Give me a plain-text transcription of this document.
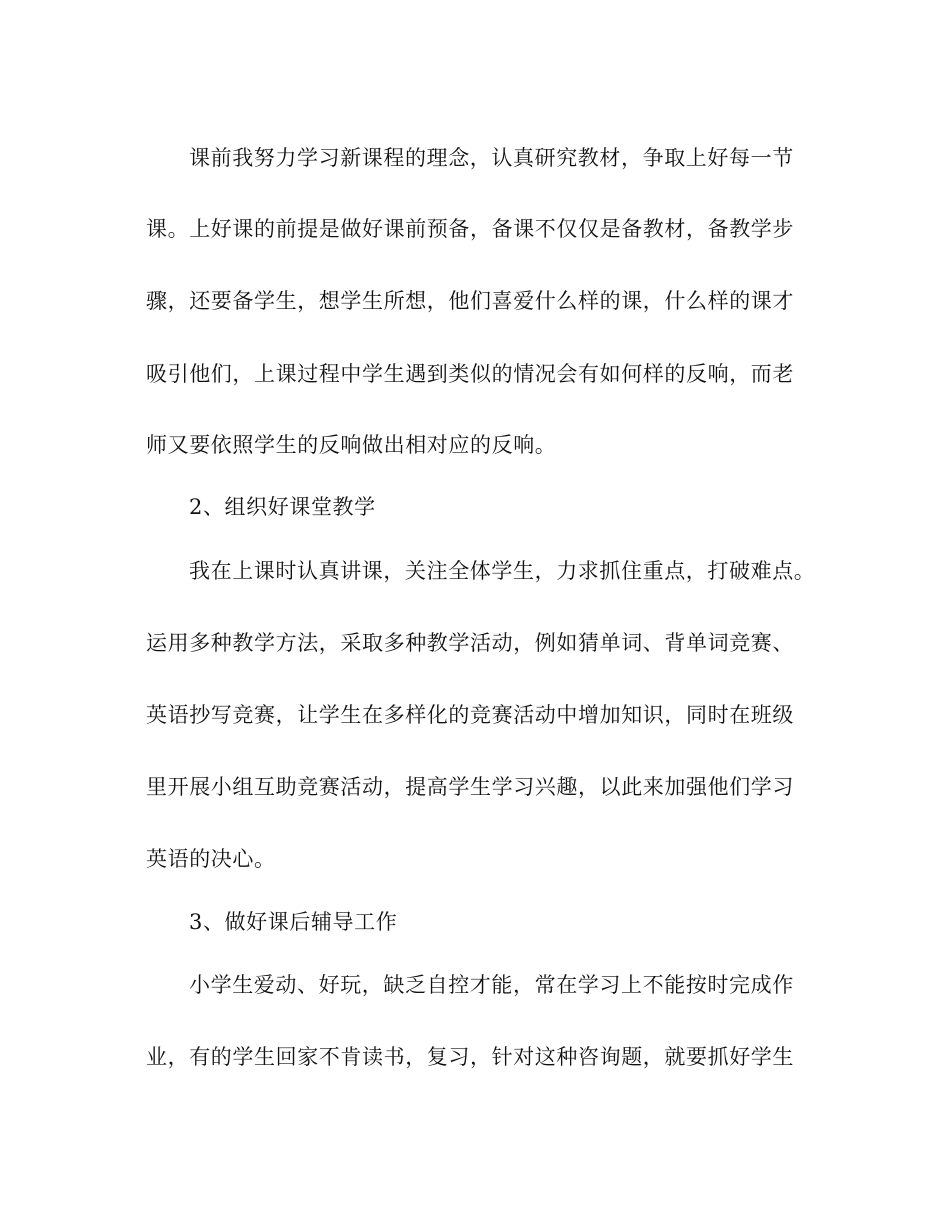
课前我努力学习新课程的理念，认真研究教材，争取上好每一节
课。上好课的前提是做好课前预备，备课不仅仅是备教材，备教学步
骤，还要备学生，想学生所想，他们喜爱什么样的课，什么样的课才
吸引他们，上课过程中学生遇到类似的情况会有如何样的反响，而老
师又要依照学生的反响做出相对应的反响。
2、组织好课堂教学
我在上课时认真讲课，关注全体学生，力求抓住重点，打破难点。
运用多种教学方法，采取多种教学活动，例如猜单词、背单词竞赛、
英语抄写竞赛，让学生在多样化的竞赛活动中增加知识，同时在班级
里开展小组互助竞赛活动，提高学生学习兴趣，以此来加强他们学习
英语的决心。
3、做好课后辅导工作
小学生爱动、好玩，缺乏自控才能，常在学习上不能按时完成作
业，有的学生回家不肯读书，复习，针对这种咨询题，就要抓好学生
